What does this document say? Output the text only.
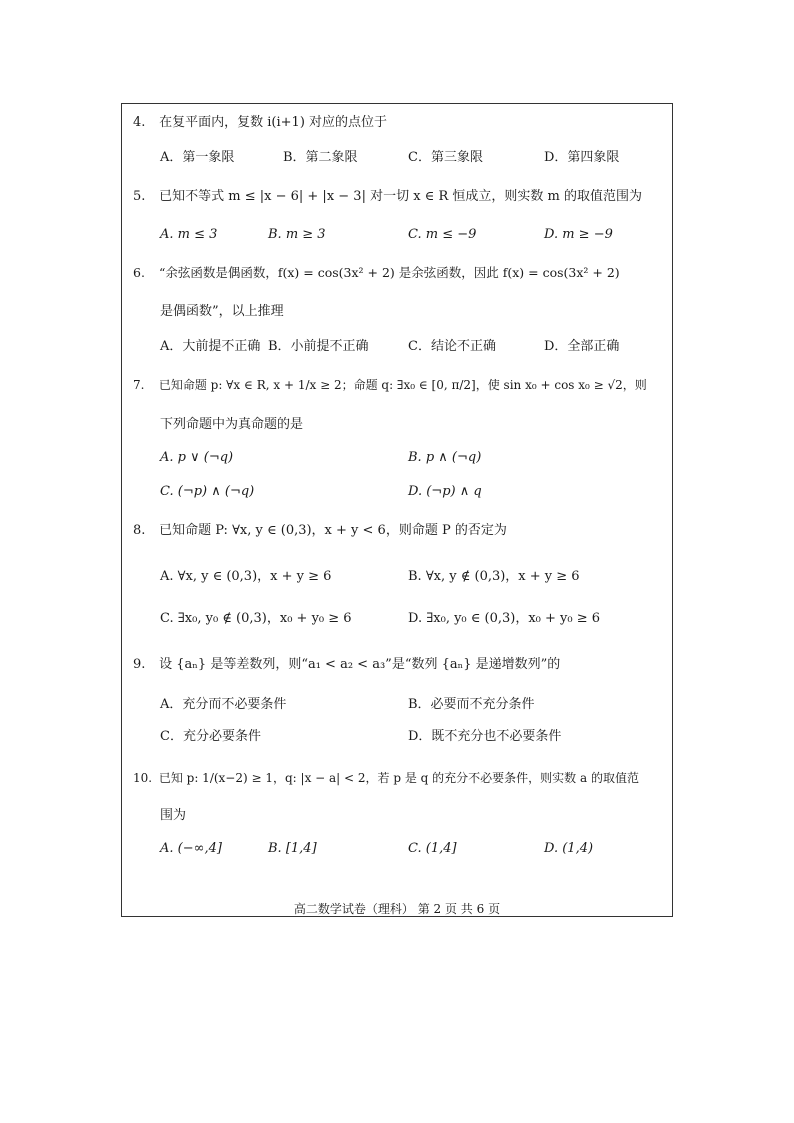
4. 在复平面内，复数 i(i+1) 对应的点位于
A．第一象限	B．第二象限	C．第三象限	D．第四象限
5. 已知不等式 m ≤ |x − 6| + |x − 3| 对一切 x ∈ R 恒成立，则实数 m 的取值范围为
A. m ≤ 3	B. m ≥ 3	C. m ≤ −9	D. m ≥ −9
6. “余弦函数是偶函数，f(x) = cos(3x² + 2) 是余弦函数，因此 f(x) = cos(3x² + 2)
是偶函数”，以上推理
A．大前提不正确 B．小前提不正确	C．结论不正确	D．全部正确
7. 已知命题 p: ∀x ∈ R, x + 1/x ≥ 2；命题 q: ∃x₀ ∈ [0, π/2]，使 sin x₀ + cos x₀ ≥ √2，则
下列命题中为真命题的是
A. p ∨ (¬q)	B. p ∧ (¬q)
C. (¬p) ∧ (¬q)	D. (¬p) ∧ q
8. 已知命题 P: ∀x, y ∈ (0,3)，x + y < 6，则命题 P 的否定为
A. ∀x, y ∈ (0,3)，x + y ≥ 6	B. ∀x, y ∉ (0,3)，x + y ≥ 6
C. ∃x₀, y₀ ∉ (0,3)，x₀ + y₀ ≥ 6	D. ∃x₀, y₀ ∈ (0,3)，x₀ + y₀ ≥ 6
9. 设 {aₙ} 是等差数列，则“a₁ < a₂ < a₃”是“数列 {aₙ} 是递增数列”的
A．充分而不必要条件	B．必要而不充分条件
C．充分必要条件	D．既不充分也不必要条件
10. 已知 p: 1/(x−2) ≥ 1，q: |x − a| < 2，若 p 是 q 的充分不必要条件，则实数 a 的取值范
围为
A. (−∞,4]	B. [1,4]	C. (1,4]	D. (1,4)
高二数学试卷（理科） 第 2 页 共 6 页
